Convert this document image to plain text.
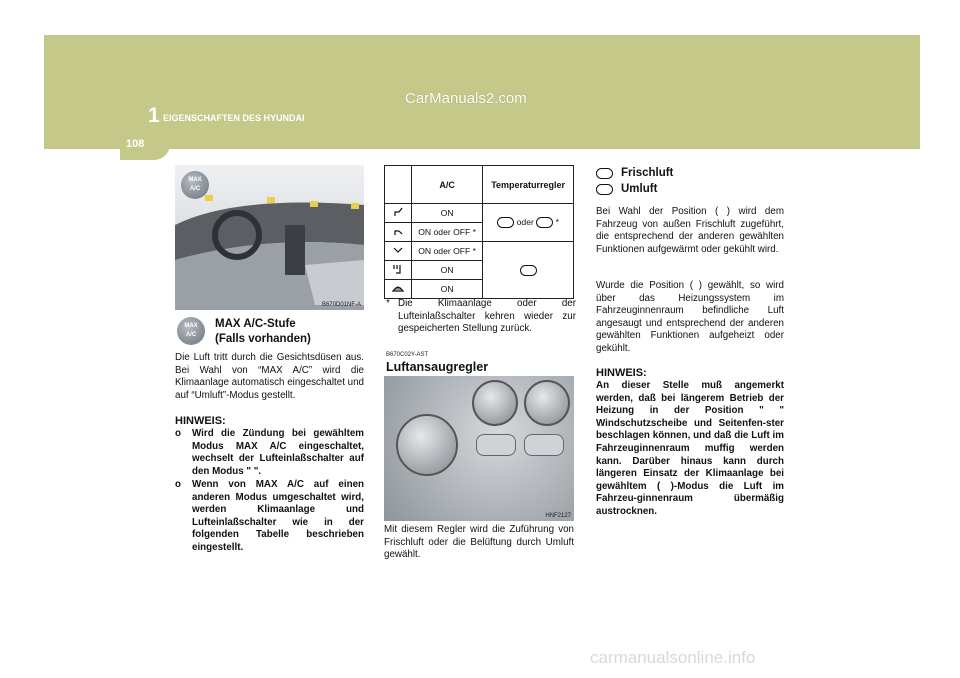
1 EIGENSCHAFTEN DES HYUNDAI
CarManuals2.com
108
MAX
A/C
B670D01NF-A
MAX
A/C
MAX A/C-Stufe
(Falls vorhanden)
Die Luft tritt durch die Gesichtsdüsen aus. Bei Wahl von “MAX A/C” wird die Klimaanlage automatisch eingeschaltet und auf “Umluft”-Modus gestellt.
HINWEIS:
o Wird die Zündung bei gewähltem Modus MAX A/C eingeschaltet, wechselt der Lufteinlaßschalter auf den Modus " ".
o Wenn von MAX A/C auf einen anderen Modus umgeschaltet wird, werden Klimaanlage und Lufteinlaßschalter wie in der folgenden Tabelle beschrieben eingestellt.
	A/C	Temperaturregler
	ON	oder *
	ON oder OFF *	
	ON oder OFF *	
	ON	
	ON	
* Die Klimaanlage oder der Lufteinlaßschalter kehren wieder zur gespeicherten Stellung zurück.
B670C02Y-AST
Luftansaugregler
HNF2127
Mit diesem Regler wird die Zuführung von Frischluft oder die Belüftung durch Umluft gewählt.
Frischluft
Umluft
Bei Wahl der Position ( ) wird dem Fahrzeug von außen Frischluft zugeführt, die entsprechend der anderen gewählten Funktionen aufgewärmt oder gekühlt wird.
Wurde die Position ( ) gewählt, so wird über das Heizungssystem im Fahrzeuginnenraum befindliche Luft angesaugt und entsprechend der anderen gewählten Funktionen aufgeheizt oder gekühlt.
HINWEIS:
An dieser Stelle muß angemerkt werden, daß bei längerem Betrieb der Heizung in der Position " " Windschutzscheibe und Seitenfen-ster beschlagen können, und daß die Luft im Fahrzeuginnenraum muffig werden kann. Darüber hinaus kann durch längeren Einsatz der Klimaanlage bei gewähltem ( )-Modus die Luft im Fahrzeu-ginnenraum übermäßig austrocknen.
carmanualsonline.info
